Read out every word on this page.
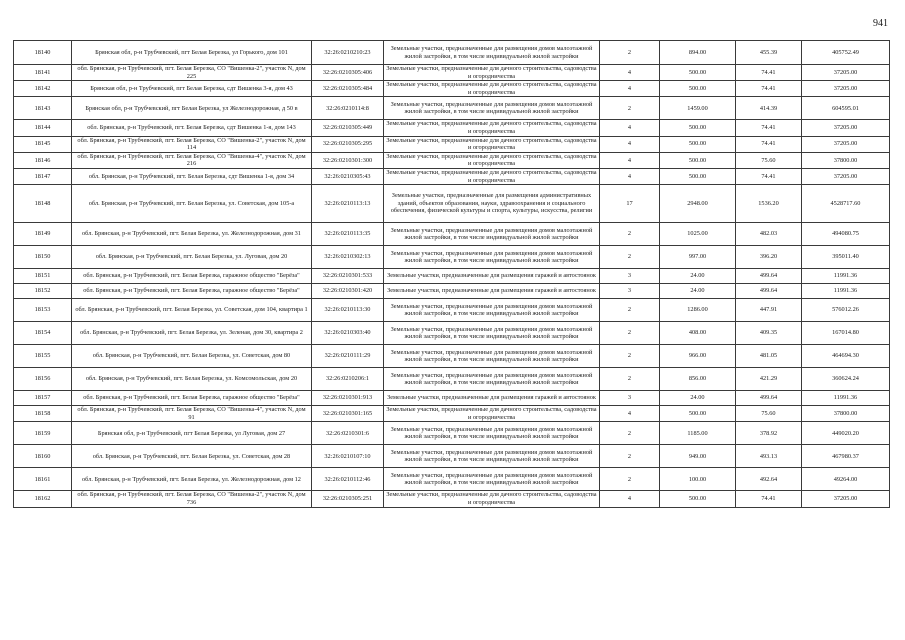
941
18140	Брянская обл, р-н Трубчевский, пгт Белая Березка, ул Горького, дом 101	32:26:0210210:23	Земельные участки, предназначенные для размещения домов малоэтажной жилой застройки, в том числе индивидуальной жилой застройки	2	894.00	455.39	405752.49
18141	обл. Брянская, р-н Трубчевский, пгт. Белая Березка, СО "Вишенка-2", участок N, дом 225	32:26:0210305:406	Земельные участки, предназначенные для дачного строительства, садоводства и огородничества	4	500.00	74.41	37205.00
18142	Брянская обл, р-н Трубчевский, пгт Белая Березка, сдт Вишенка 3-я, дом 43	32:26:0210305:484	Земельные участки, предназначенные для дачного строительства, садоводства и огородничества	4	500.00	74.41	37205.00
18143	Брянская обл, р-н Трубчевский, пгт Белая Березка, ул Железнодорожная, д 50 в	32:26:0210114:8	Земельные участки, предназначенные для размещения домов малоэтажной жилой застройки, в том числе индивидуальной жилой застройки	2	1459.00	414.39	604595.01
18144	обл. Брянская, р-н Трубчевский, пгт. Белая Березка, сдт Вишенка 1-я, дом 143	32:26:0210305:449	Земельные участки, предназначенные для дачного строительства, садоводства и огородничества	4	500.00	74.41	37205.00
18145	обл. Брянская, р-н Трубчевский, пгт. Белая Березка, СО "Вишенка-2", участок N, дом 114	32:26:0210305:295	Земельные участки, предназначенные для дачного строительства, садоводства и огородничества	4	500.00	74.41	37205.00
18146	обл. Брянская, р-н Трубчевский, пгт. Белая Березка, СО "Вишенка-4", участок N, дом 216	32:26:0210301:300	Земельные участки, предназначенные для дачного строительства, садоводства и огородничества	4	500.00	75.60	37800.00
18147	обл. Брянская, р-н Трубчевский, пгт. Белая Березка, сдт Вишенка 1-я, дом 34	32:26:0210305:43	Земельные участки, предназначенные для дачного строительства, садоводства и огородничества	4	500.00	74.41	37205.00
18148	обл. Брянская, р-н Трубчевский, пгт. Белая Березка, ул. Советская, дом 105-а	32:26:0210113:13	Земельные участки, предназначенные для размещения административных зданий, объектов образования, науки, здравоохранения и социального обеспечения, физической культуры и спорта, культуры, искусства, религии	17	2948.00	1536.20	4528717.60
18149	обл. Брянская, р-н Трубчевский, пгт. Белая Березка, ул. Железнодорожная, дом 31	32:26:0210113:35	Земельные участки, предназначенные для размещения домов малоэтажной жилой застройки, в том числе индивидуальной жилой застройки	2	1025.00	482.03	494080.75
18150	обл. Брянская, р-н Трубчевский, пгт. Белая Березка, ул. Луговая, дом 20	32:26:0210302:13	Земельные участки, предназначенные для размещения домов малоэтажной жилой застройки, в том числе индивидуальной жилой застройки	2	997.00	396.20	395011.40
18151	обл. Брянская, р-н Трубчевский, пгт. Белая Березка, гаражное общество "Берёза"	32:26:0210301:533	Земельные участки, предназначенные для размещения гаражей и автостоянок	3	24.00	499.64	11991.36
18152	обл. Брянская, р-н Трубчевский, пгт. Белая Березка, гаражное общество "Берёза"	32:26:0210301:420	Земельные участки, предназначенные для размещения гаражей и автостоянок	3	24.00	499.64	11991.36
18153	обл. Брянская, р-н Трубчевский, пгт. Белая Березка, ул. Советская, дом 104, квартира 1	32:26:0210113:30	Земельные участки, предназначенные для размещения домов малоэтажной жилой застройки, в том числе индивидуальной жилой застройки	2	1286.00	447.91	576012.26
18154	обл. Брянская, р-н Трубчевский, пгт. Белая Березка, ул. Зеленая, дом 30, квартира 2	32:26:0210303:40	Земельные участки, предназначенные для размещения домов малоэтажной жилой застройки, в том числе индивидуальной жилой застройки	2	408.00	409.35	167014.80
18155	обл. Брянская, р-н Трубчевский, пгт. Белая Березка, ул. Советская, дом 80	32:26:0210111:29	Земельные участки, предназначенные для размещения домов малоэтажной жилой застройки, в том числе индивидуальной жилой застройки	2	966.00	481.05	464694.30
18156	обл. Брянская, р-н Трубчевский, пгт. Белая Березка, ул. Комсомольская, дом 20	32:26:0210206:1	Земельные участки, предназначенные для размещения домов малоэтажной жилой застройки, в том числе индивидуальной жилой застройки	2	856.00	421.29	360624.24
18157	обл. Брянская, р-н Трубчевский, пгт. Белая Березка, гаражное общество "Берёза"	32:26:0210301:913	Земельные участки, предназначенные для размещения гаражей и автостоянок	3	24.00	499.64	11991.36
18158	обл. Брянская, р-н Трубчевский, пгт. Белая Березка, СО "Вишенка-4", участок N, дом 91	32:26:0210301:165	Земельные участки, предназначенные для дачного строительства, садоводства и огородничества	4	500.00	75.60	37800.00
18159	Брянская обл, р-н Трубчевский, пгт Белая Березка, ул Луговая, дом 27	32:26:0210301:6	Земельные участки, предназначенные для размещения домов малоэтажной жилой застройки, в том числе индивидуальной жилой застройки	2	1185.00	378.92	449020.20
18160	обл. Брянская, р-н Трубчевский, пгт. Белая Березка, ул. Советская, дом 28	32:26:0210107:10	Земельные участки, предназначенные для размещения домов малоэтажной жилой застройки, в том числе индивидуальной жилой застройки	2	949.00	493.13	467980.37
18161	обл. Брянская, р-н Трубчевский, пгт. Белая Березка, ул. Железнодорожная, дом 12	32:26:0210112:46	Земельные участки, предназначенные для размещения домов малоэтажной жилой застройки, в том числе индивидуальной жилой застройки	2	100.00	492.64	49264.00
18162	обл. Брянская, р-н Трубчевский, пгт. Белая Березка, СО "Вишенка-2", участок N, дом 736	32:26:0210305:251	Земельные участки, предназначенные для дачного строительства, садоводства и огородничества	4	500.00	74.41	37205.00
